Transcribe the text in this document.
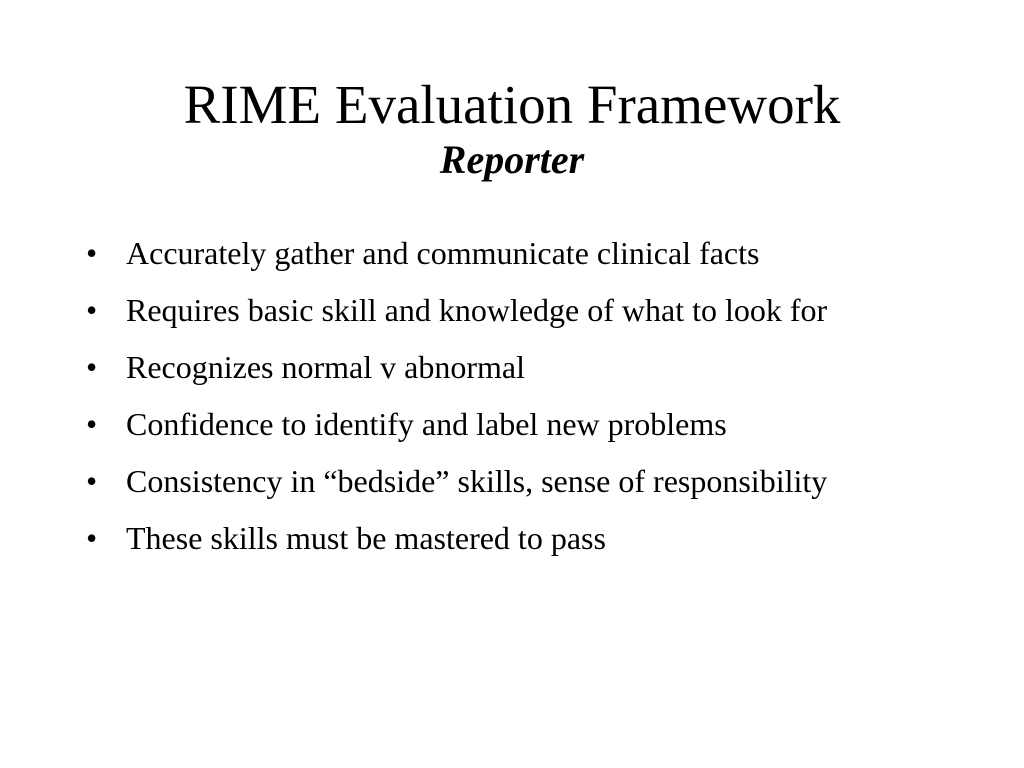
RIME Evaluation Framework
Reporter
• Accurately gather and communicate clinical facts
• Requires basic skill and knowledge of what to look for
• Recognizes normal v abnormal
• Confidence to identify and label new problems
• Consistency in “bedside” skills, sense of responsibility
• These skills must be mastered to pass
